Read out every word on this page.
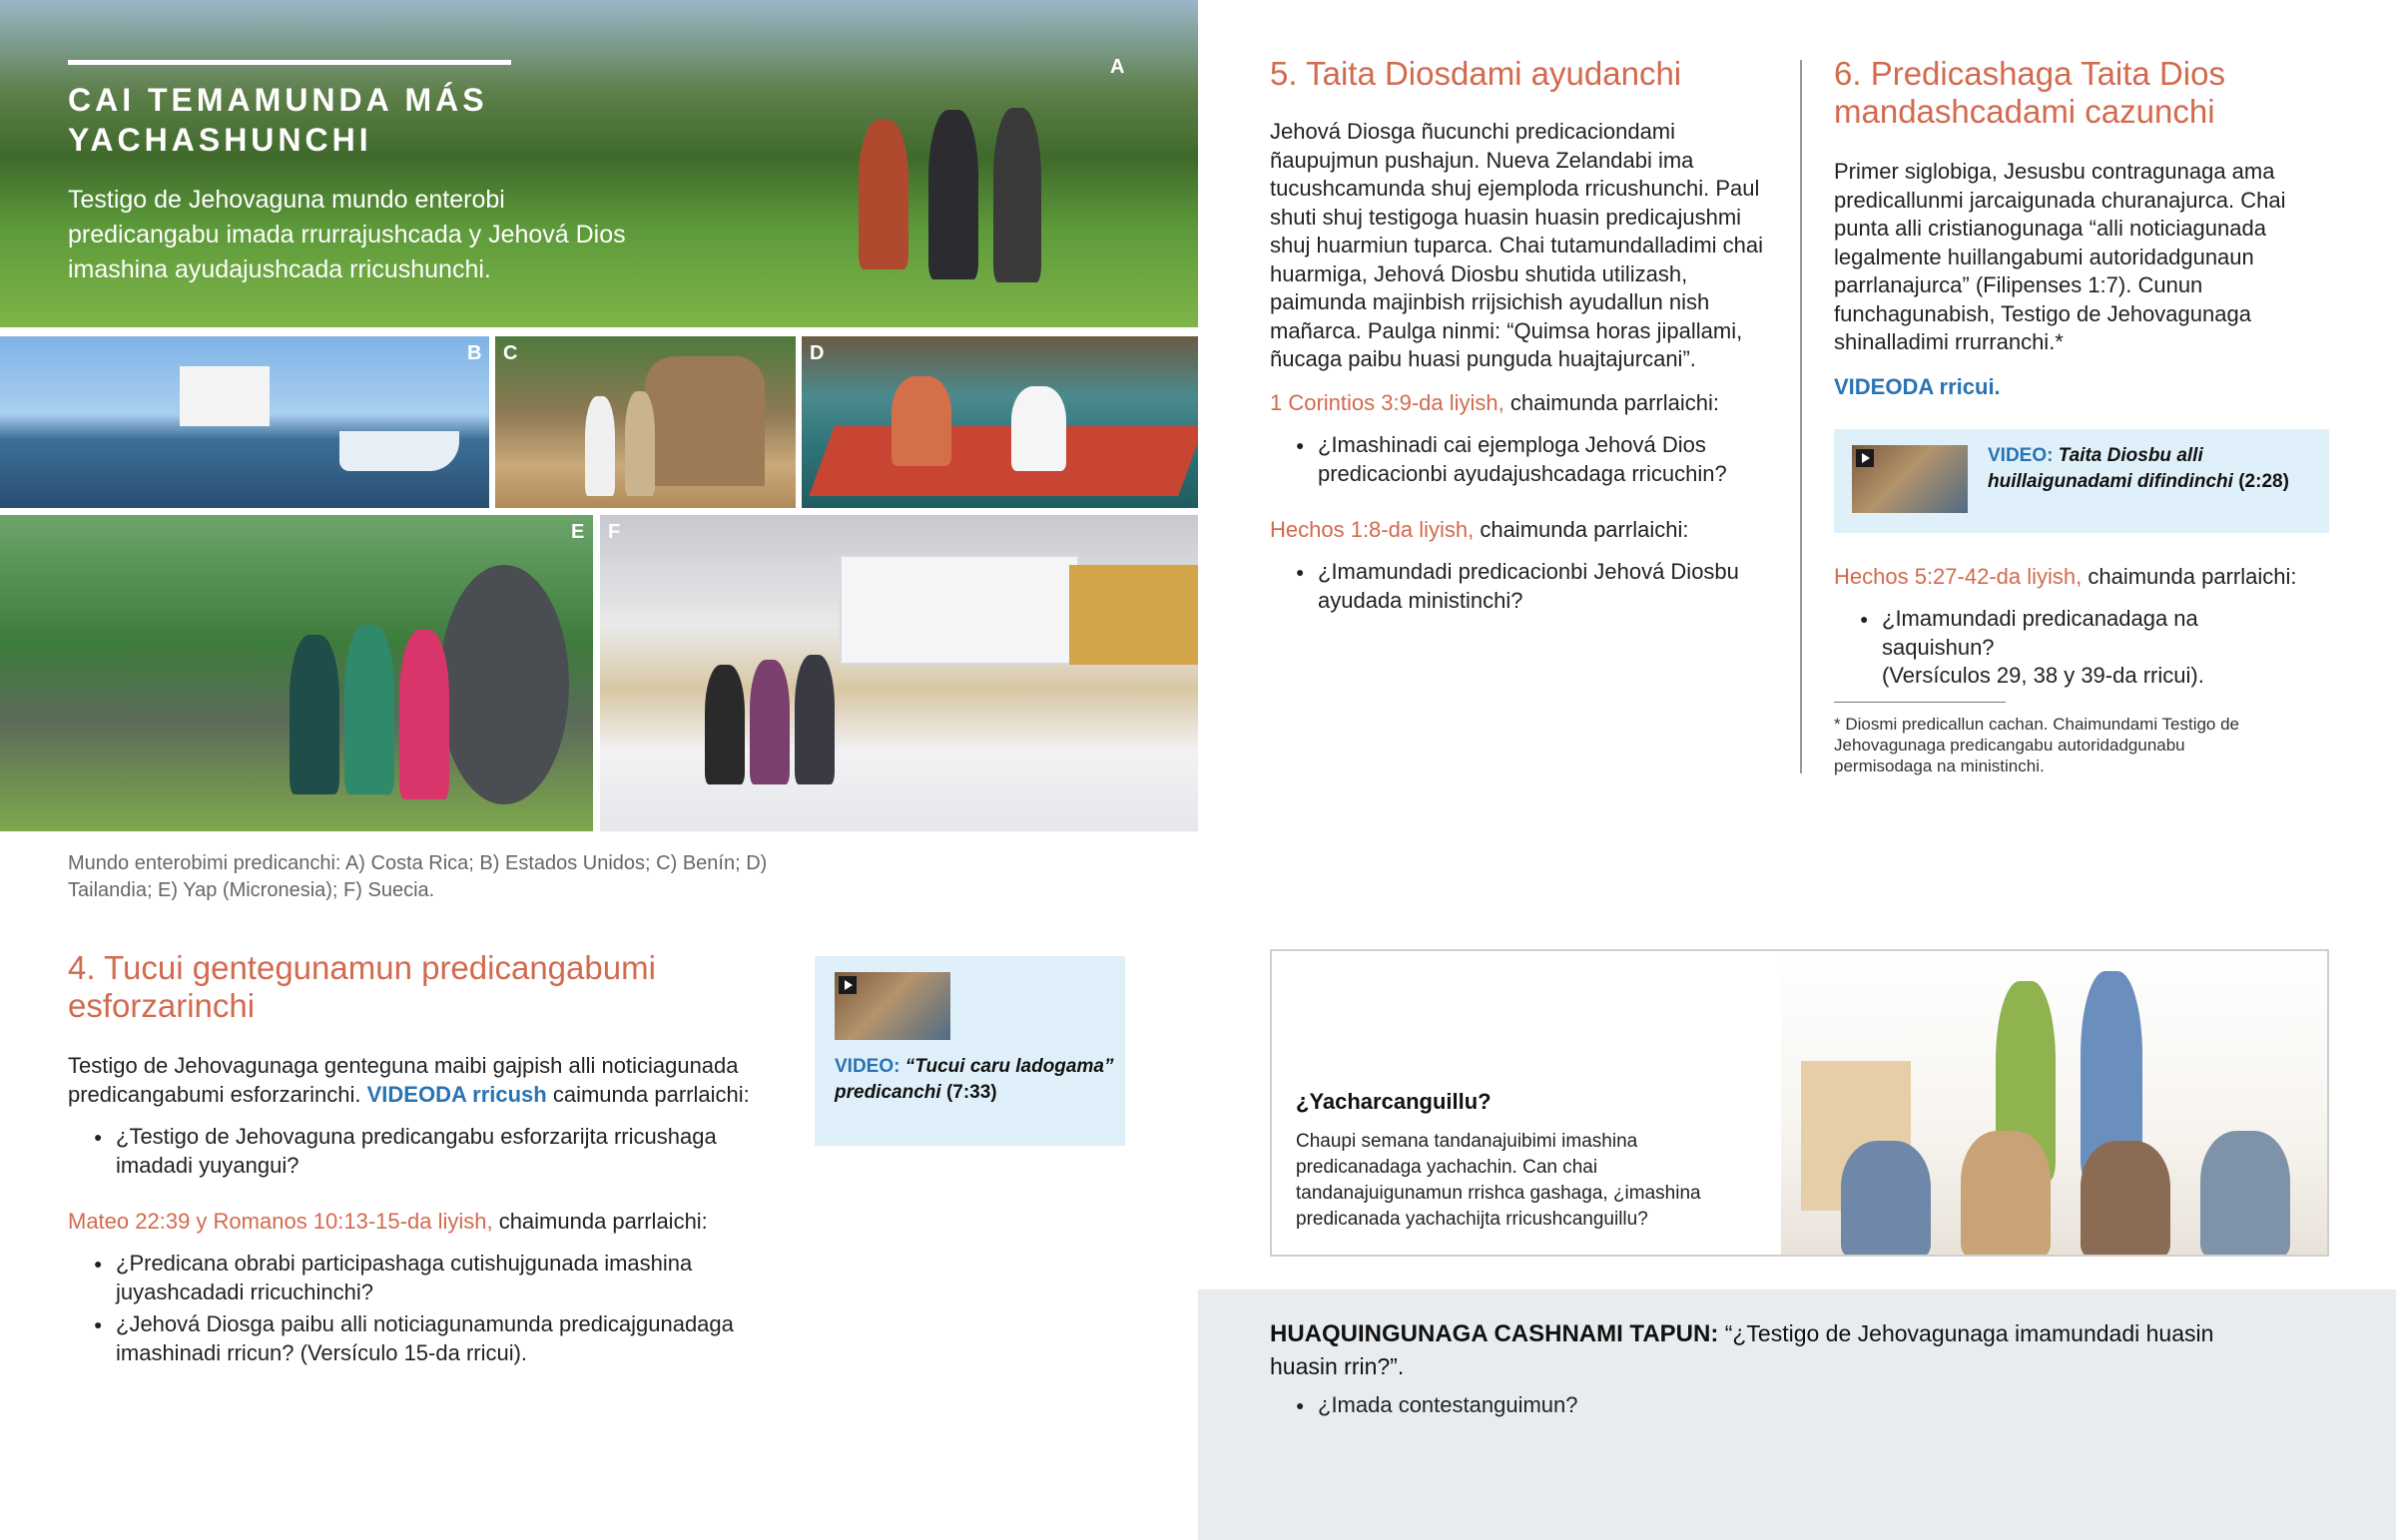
A
CAI TEMAMUNDA MÁS YACHASHUNCHI
Testigo de Jehovaguna mundo enterobi predicangabu imada rrurrajushcada y Jehová Dios imashina ayudajushcada rricushunchi.
B C	D
E F
Mundo enterobimi predicanchi: A) Costa Rica; B) Estados Unidos; C) Benín; D) Tailandia; E) Yap (Micronesia); F) Suecia.
4. Tucui gentegunamun predicangabumi esforzarinchi
Testigo de Jehovagunaga genteguna maibi gajpish alli noticiagunada predicangabumi esforzarinchi. VIDEODA rricush caimunda parrlaichi:
● ¿Testigo de Jehovaguna predicangabu esforzarijta rricushaga imadadi yuyangui?
Mateo 22:39 y Romanos 10:13-15-da liyish, chaimunda parrlaichi:
● ¿Predicana obrabi participashaga cutishujgunada imashina juyashcadadi rricuchinchi?
● ¿Jehová Diosga paibu alli noticiagunamunda predicajgunadaga imashinadi rricun? (Versículo 15-da rricui).
VIDEO: “Tucui caru ladogama” predicanchi (7:33)
5. Taita Diosdami ayudanchi
Jehová Diosga ñucunchi predicaciondami ñaupujmun pushajun. Nueva Zelandabi ima tucushcamunda shuj ejemploda rricushunchi. Paul shuti shuj testigoga huasin huasin predicajushmi shuj huarmiun tuparca. Chai tutamundalladimi chai huarmiga, Jehová Diosbu shutida utilizash, paimunda majinbish rrijsichish ayudallun nish mañarca. Paulga ninmi: “Quimsa horas jipallami, ñucaga paibu huasi punguda huajtajurcani”.
1 Corintios 3:9-da liyish, chaimunda parrlaichi:
● ¿Imashinadi cai ejemploga Jehová Dios predicacionbi ayudajushcadaga rricuchin?
Hechos 1:8-da liyish, chaimunda parrlaichi:
● ¿Imamundadi predicacionbi Jehová Diosbu ayudada ministinchi?
6. Predicashaga Taita Dios mandashcadami cazunchi
Primer siglobiga, Jesusbu contragunaga ama predicallunmi jarcaigunada churanajurca. Chai punta alli cristianogunaga “alli noticiagunada legalmente huillangabumi autoridadgunaun parrlanajurca” (Filipenses 1:7). Cunun funchagunabish, Testigo de Jehovagunaga shinalladimi rrurranchi.*
VIDEODA rricui.
VIDEO: Taita Diosbu alli huillaigunadami difindinchi (2:28)
Hechos 5:27-42-da liyish, chaimunda parrlaichi:
● ¿Imamundadi predicanadaga na saquishun?
(Versículos 29, 38 y 39-da rricui).
* Diosmi predicallun cachan. Chaimundami Testigo de Jehovagunaga predicangabu autoridadgunabu permisodaga na ministinchi.
¿Yacharcanguillu?
Chaupi semana tandanajuibimi imashina predicanadaga yachachin. Can chai tandanajuigunamun rrishca gashaga, ¿imashina predicanada yachachijta rricushcanguillu?
HUAQUINGUNAGA CASHNAMI TAPUN: “¿Testigo de Jehovagunaga imamundadi huasin huasin rrin?”.
● ¿Imada contestanguimun?
